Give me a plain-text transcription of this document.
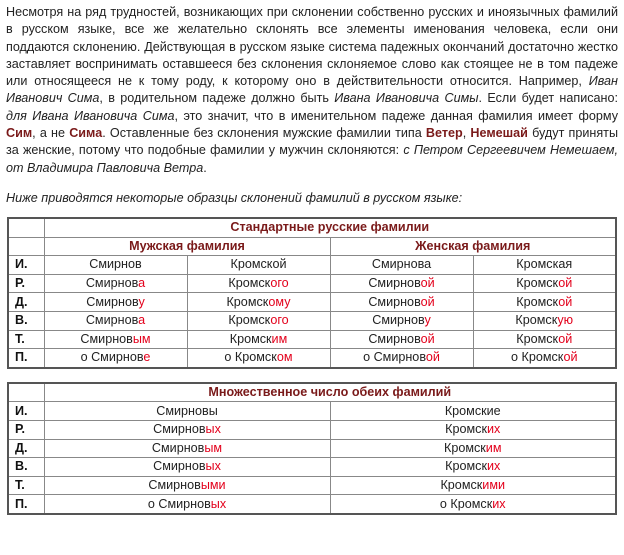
Несмотря на ряд трудностей, возникающих при склонении собственно русских и иноязычных фамилий в русском языке, все же желательно склонять все элементы именования человека, если они поддаются склонению. Действующая в русском языке система падежных окончаний достаточно жестко заставляет воспринимать оставшееся без склонения склоняемое слово как стоящее не в том падеже или относящееся не к тому роду, к которому оно в действительности относится. Например, Иван Иванович Сима, в родительном падеже должно быть Ивана Ивановича Симы. Если будет написано: для Ивана Ивановича Сима, это значит, что в именительном падеже данная фамилия имеет форму Сим, а не Сима. Оставленные без склонения мужские фамилии типа Ветер, Немешай будут приняты за женские, потому что подобные фамилии у мужчин склоняются: с Петром Сергеевичем Немешаем, от Владимира Павловича Ветра.

Ниже приводятся некоторые образцы склонений фамилий в русском языке:

	Стандартные русские фамилии			
	Мужская фамилия		Женская фамилия	
И.	Смирнов	Кромской	Смирнова	Кромская
Р.	Смирнова	Кромского	Смирновой	Кромской
Д.	Смирнову	Кромскому	Смирновой	Кромской
В.	Смирнова	Кромского	Смирнову	Кромскую
Т.	Смирновым	Кромским	Смирновой	Кромской
П.	о Смирнове	о Кромском	о Смирновой	о Кромской
	Множественное число обеих фамилий	
И.	Смирновы	Кромские
Р.	Смирновых	Кромских
Д.	Смирновым	Кромским
В.	Смирновых	Кромских
Т.	Смирновыми	Кромскими
П.	о Смирновых	о Кромских
